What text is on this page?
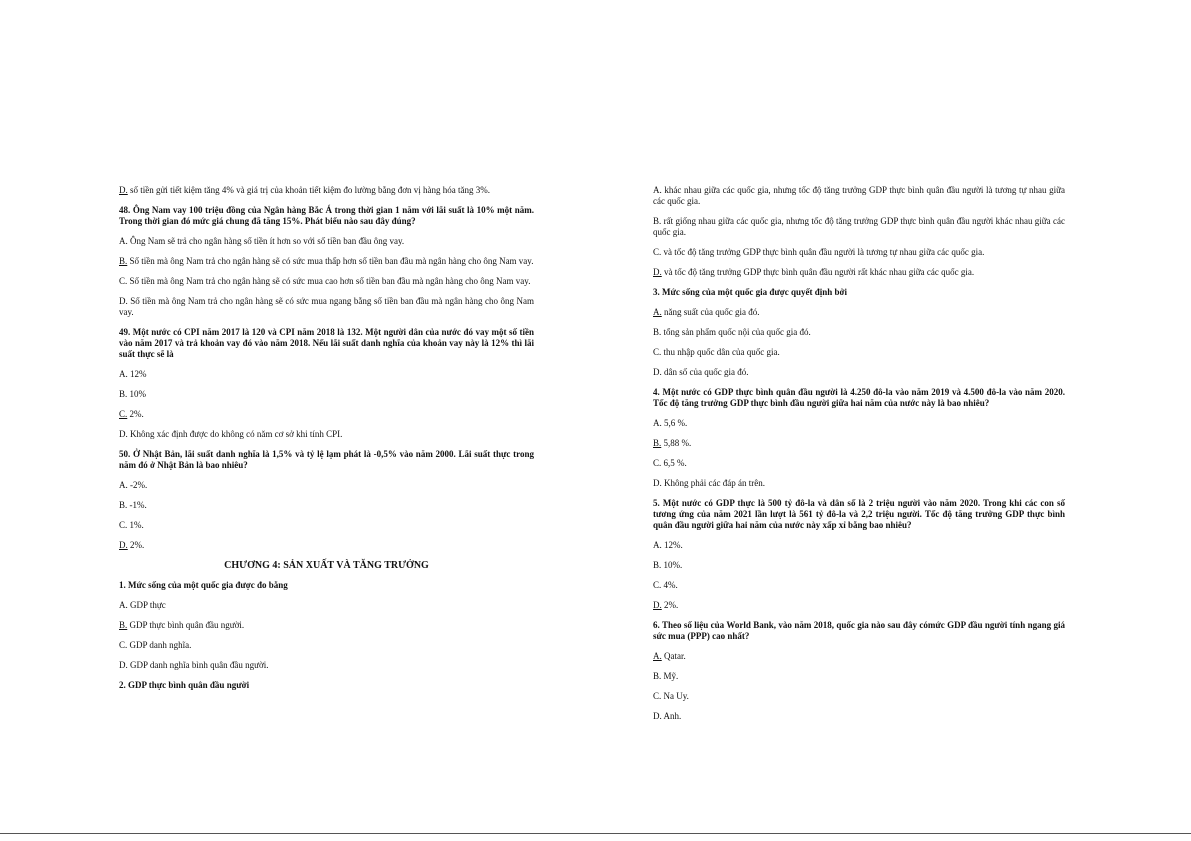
D. số tiền gửi tiết kiệm tăng 4% và giá trị của khoản tiết kiệm đo lường bằng đơn vị hàng hóa tăng 3%.
48. Ông Nam vay 100 triệu đồng của Ngân hàng Bắc Á trong thời gian 1 năm với lãi suất là 10% một năm. Trong thời gian đó mức giá chung đã tăng 15%. Phát biểu nào sau đây đúng?
A. Ông Nam sẽ trả cho ngân hàng số tiền ít hơn so với số tiền ban đầu ông vay.
B. Số tiền mà ông Nam trả cho ngân hàng sẽ có sức mua thấp hơn số tiền ban đầu mà ngân hàng cho ông Nam vay.
C. Số tiền mà ông Nam trả cho ngân hàng sẽ có sức mua cao hơn số tiền ban đầu mà ngân hàng cho ông Nam vay.
D. Số tiền mà ông Nam trả cho ngân hàng sẽ có sức mua ngang bằng số tiền ban đầu mà ngân hàng cho ông Nam vay.
49. Một nước có CPI năm 2017 là 120 và CPI năm 2018 là 132. Một người dân của nước đó vay một số tiền vào năm 2017 và trả khoản vay đó vào năm 2018. Nếu lãi suất danh nghĩa của khoản vay này là 12% thì lãi suất thực sẽ là
A. 12%
B. 10%
C. 2%.
D. Không xác định được do không có năm cơ sở khi tính CPI.
50. Ở Nhật Bản, lãi suất danh nghĩa là 1,5% và tỷ lệ lạm phát là -0,5% vào năm 2000. Lãi suất thực trong năm đó ở Nhật Bản là bao nhiêu?
A. -2%.
B. -1%.
C. 1%.
D. 2%.
CHƯƠNG 4: SẢN XUẤT VÀ TĂNG TRƯỞNG
1. Mức sống của một quốc gia được đo bằng
A. GDP thực
B. GDP thực bình quân đầu người.
C. GDP danh nghĩa.
D. GDP danh nghĩa bình quân đầu người.
2. GDP thực bình quân đầu người
A. khác nhau giữa các quốc gia, nhưng tốc độ tăng trưởng GDP thực bình quân đầu người là tương tự nhau giữa các quốc gia.
B. rất giống nhau giữa các quốc gia, nhưng tốc độ tăng trưởng GDP thực bình quân đầu người khác nhau giữa các quốc gia.
C. và tốc độ tăng trưởng GDP thực bình quân đầu người là tương tự nhau giữa các quốc gia.
D. và tốc độ tăng trưởng GDP thực bình quân đầu người rất khác nhau giữa các quốc gia.
3. Mức sống của một quốc gia được quyết định bởi
A. năng suất của quốc gia đó.
B. tổng sản phẩm quốc nội của quốc gia đó.
C. thu nhập quốc dân của quốc gia.
D. dân số của quốc gia đó.
4. Một nước có GDP thực bình quân đầu người là 4.250 đô-la vào năm 2019 và 4.500 đô-la vào năm 2020. Tốc độ tăng trưởng GDP thực bình đầu người giữa hai năm của nước này là bao nhiêu?
A. 5,6 %.
B. 5,88 %.
C. 6,5 %.
D. Không phải các đáp án trên.
5. Một nước có GDP thực là 500 tỷ đô-la và dân số là 2 triệu người vào năm 2020. Trong khi các con số tương ứng của năm 2021 lần lượt là 561 tỷ đô-la và 2,2 triệu người. Tốc độ tăng trưởng GDP thực bình quân đầu người giữa hai năm của nước này xấp xỉ bằng bao nhiêu?
A. 12%.
B. 10%.
C. 4%.
D. 2%.
6. Theo số liệu của World Bank, vào năm 2018, quốc gia nào sau đây cómức GDP đầu người tính ngang giá sức mua (PPP) cao nhất?
A. Qatar.
B. Mỹ.
C. Na Uy.
D. Anh.
